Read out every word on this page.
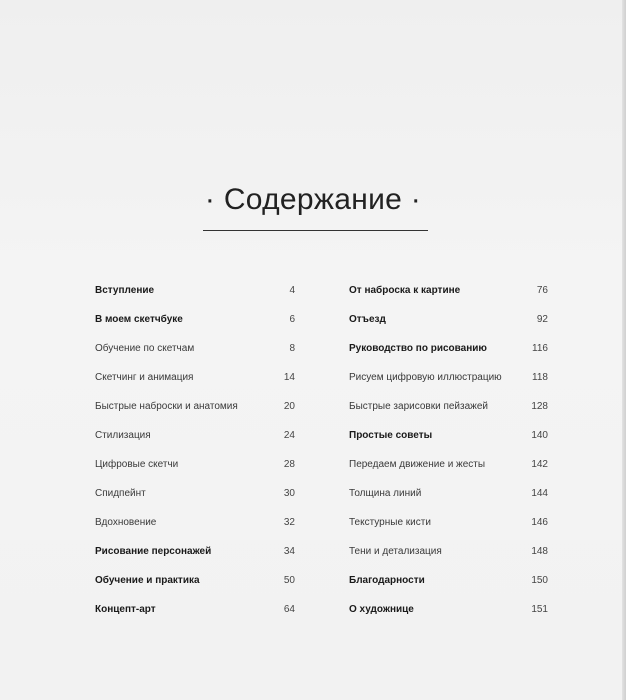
· Содержание ·
Вступление	4
В моем скетчбуке	6
Обучение по скетчам	8
Скетчинг и анимация	14
Быстрые наброски и анатомия	20
Стилизация	24
Цифровые скетчи	28
Спидпейнт	30
Вдохновение	32
Рисование персонажей	34
Обучение и практика	50
Концепт-арт	64
От наброска к картине	76
Отъезд	92
Руководство по рисованию	116
Рисуем цифровую иллюстрацию	118
Быстрые зарисовки пейзажей	128
Простые советы	140
Передаем движение и жесты	142
Толщина линий	144
Текстурные кисти	146
Тени и детализация	148
Благодарности	150
О художнице	151
